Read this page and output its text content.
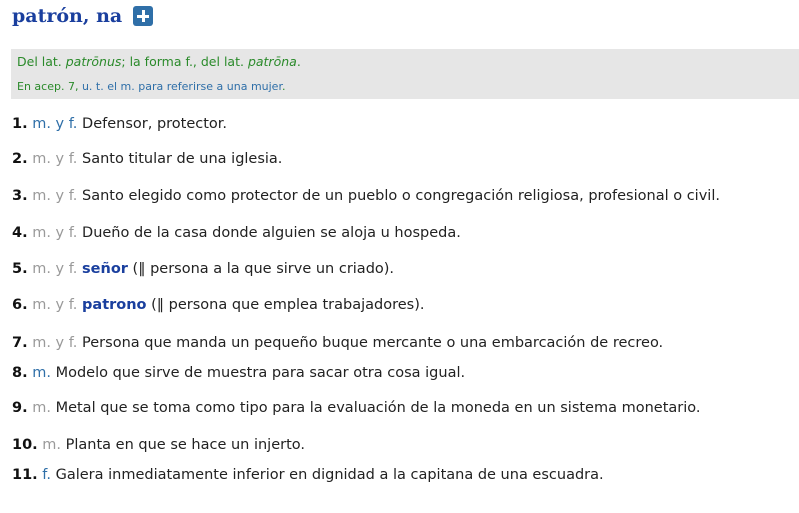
patrón, na
Del lat. patrōnus; la forma f., del lat. patrōna.
En acep. 7, u. t. el m. para referirse a una mujer.
1. m. y f. Defensor, protector.
2. m. y f. Santo titular de una iglesia.
3. m. y f. Santo elegido como protector de un pueblo o congregación religiosa, profesional o civil.
4. m. y f. Dueño de la casa donde alguien se aloja u hospeda.
5. m. y f. señor (‖ persona a la que sirve un criado).
6. m. y f. patrono (‖ persona que emplea trabajadores).
7. m. y f. Persona que manda un pequeño buque mercante o una embarcación de recreo.
8. m. Modelo que sirve de muestra para sacar otra cosa igual.
9. m. Metal que se toma como tipo para la evaluación de la moneda en un sistema monetario.
10. m. Planta en que se hace un injerto.
11. f. Galera inmediatamente inferior en dignidad a la capitana de una escuadra.
